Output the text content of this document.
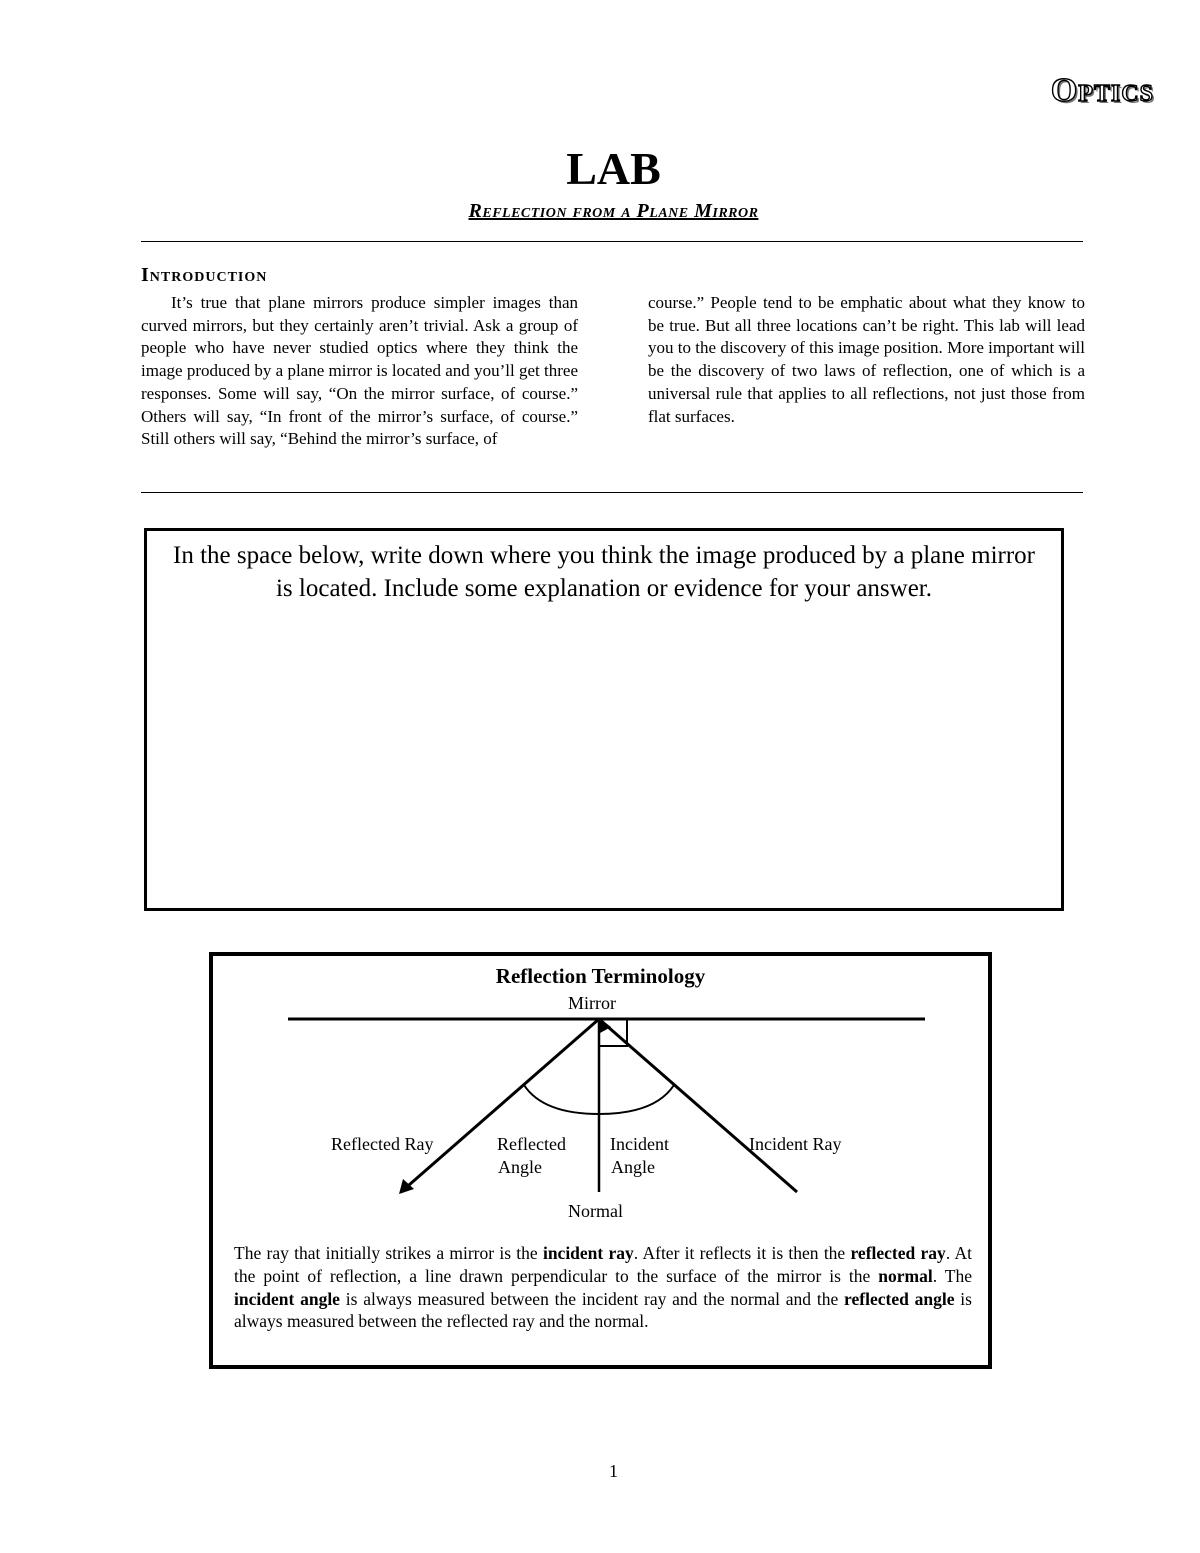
Optics
LAB
Reflection from a Plane Mirror
Introduction
It’s true that plane mirrors produce simpler images than curved mirrors, but they certainly aren’t trivial. Ask a group of people who have never studied optics where they think the image produced by a plane mirror is located and you’ll get three responses. Some will say, “On the mirror surface, of course.” Others will say, “In front of the mirror’s surface, of course.” Still others will say, “Behind the mirror’s surface, of
course.” People tend to be emphatic about what they know to be true. But all three locations can’t be right. This lab will lead you to the discovery of this image position. More important will be the discovery of two laws of reflection, one of which is a universal rule that applies to all reflections, not just those from flat surfaces.
In the space below, write down where you think the image produced by a plane mirror is located. Include some explanation or evidence for your answer.
Reflection Terminology
Mirror
Reflected Ray	Reflected
Angle
Incident
Angle
Incident Ray
Normal
The ray that initially strikes a mirror is the incident ray. After it reflects it is then the reflected ray. At the point of reflection, a line drawn perpendicular to the surface of the mirror is the normal. The incident angle is always measured between the incident ray and the normal and the reflected angle is always measured between the reflected ray and the normal.
1
